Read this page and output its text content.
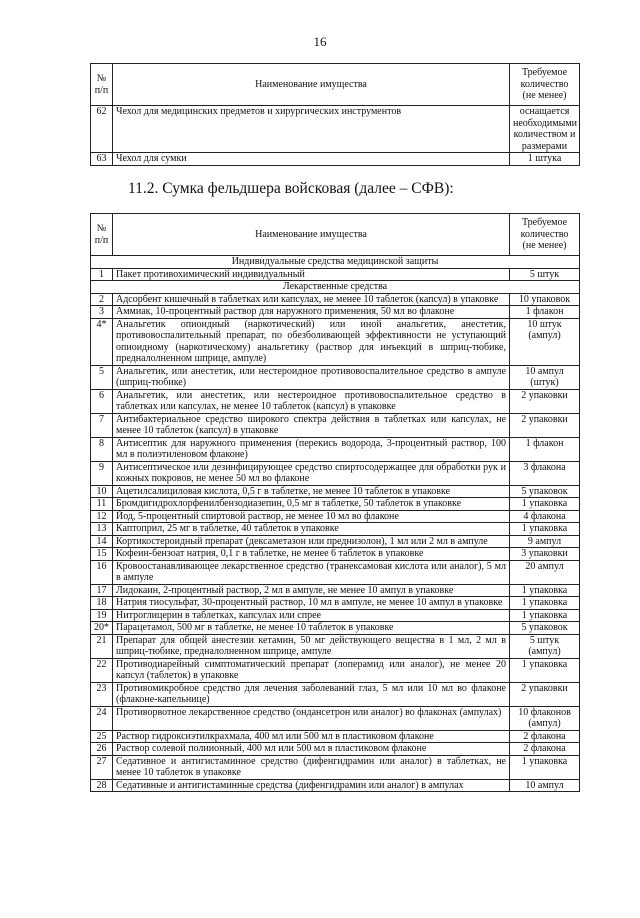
16
№ п/п	Наименование имущества	Требуемое количество (не менее)
62	Чехол для медицинских предметов и хирургических инструментов	оснащается необходимыми количеством и размерами
63	Чехол для сумки	1 штука
11.2. Сумка фельдшера войсковая (далее – СФВ):
№ п/п	Наименование имущества	Требуемое количество (не менее)
Индивидуальные средства медицинской защиты		
1	Пакет противохимический индивидуальный	5 штук
Лекарственные средства		
2	Адсорбент кишечный в таблетках или капсулах, не менее 10 таблеток (капсул) в упаковке	10 упаковок
3	Аммиак, 10-процентный раствор для наружного применения, 50 мл во флаконе	1 флакон
4*	Анальгетик опиоидный (наркотический) или иной анальгетик, анестетик, противовоспалительный препарат, по обезболивающей эффективности не уступающий опиоидному (наркотическому) анальгетику (раствор для инъекций в шприц-тюбике, предналолненном шприце, ампуле)	10 штук (ампул)
5	Анальгетик, или анестетик, или нестероидное противовоспалительное средство в ампуле (шприц-тюбике)	10 ампул (штук)
6	Анальгетик, или анестетик, или нестероидное противовоспалительное средство в таблетках или капсулах, не менее 10 таблеток (капсул) в упаковке	2 упаковки
7	Антибактериальное средство широкого спектра действия в таблетках или капсулах, не менее 10 таблеток (капсул) в упаковке	2 упаковки
8	Антисептик для наружного применения (перекись водорода, 3-процентный раствор, 100 мл в полиэтиленовом флаконе)	1 флакон
9	Антисептическое или дезинфицирующее средство спиртосодержащее для обработки рук и кожных покровов, не менее 50 мл во флаконе	3 флакона
10	Ацетилсалициловая кислота, 0,5 г в таблетке, не менее 10 таблеток в упаковке	5 упаковок
11	Бромдигидрохлорфенилбензодиазепин, 0,5 мг в таблетке, 50 таблеток в упаковке	1 упаковка
12	Йод, 5-процентный спиртовой раствор, не менее 10 мл во флаконе	4 флакона
13	Каптоприл, 25 мг в таблетке, 40 таблеток в упаковке	1 упаковка
14	Кортикостероидный препарат (дексаметазон или преднизолон), 1 мл или 2 мл в ампуле	9 ампул
15	Кофеин-бензоат натрия, 0,1 г в таблетке, не менее 6 таблеток в упаковке	3 упаковки
16	Кровоостанавливающее лекарственное средство (транексамовая кислота или аналог), 5 мл в ампуле	20 ампул
17	Лидокаин, 2-процентный раствор, 2 мл в ампуле, не менее 10 ампул в упаковке	1 упаковка
18	Натрия тиосульфат, 30-процентный раствор, 10 мл в ампуле, не менее 10 ампул в упаковке	1 упаковка
19	Нитроглицерин в таблетках, капсулах или спрее	1 упаковка
20*	Парацетамол, 500 мг в таблетке, не менее 10 таблеток в упаковке	5 упаковок
21	Препарат для общей анестезии кетамин, 50 мг действующего вещества в 1 мл, 2 мл в шприц-тюбике, предналолненном шприце, ампуле	5 штук (ампул)
22	Противодиарейный симптоматический препарат (лоперамид или аналог), не менее 20 капсул (таблеток) в упаковке	1 упаковка
23	Противомикробное средство для лечения заболеваний глаз, 5 мл или 10 мл во флаконе (флаконе-капельнице)	2 упаковки
24	Противорвотное лекарственное средство (ондансетрон или аналог) во флаконах (ампулах)	10 флаконов (ампул)
25	Раствор гидроксиэтилкрахмала, 400 мл или 500 мл в пластиковом флаконе	2 флакона
26	Раствор солевой полиионный, 400 мл или 500 мл в пластиковом флаконе	2 флакона
27	Седативное и антигистаминное средство (дифенгидрамин или аналог) в таблетках, не менее 10 таблеток в упаковке	1 упаковка
28	Седативные и антигистаминные средства (дифенгидрамин или аналог) в ампулах	10 ампул
